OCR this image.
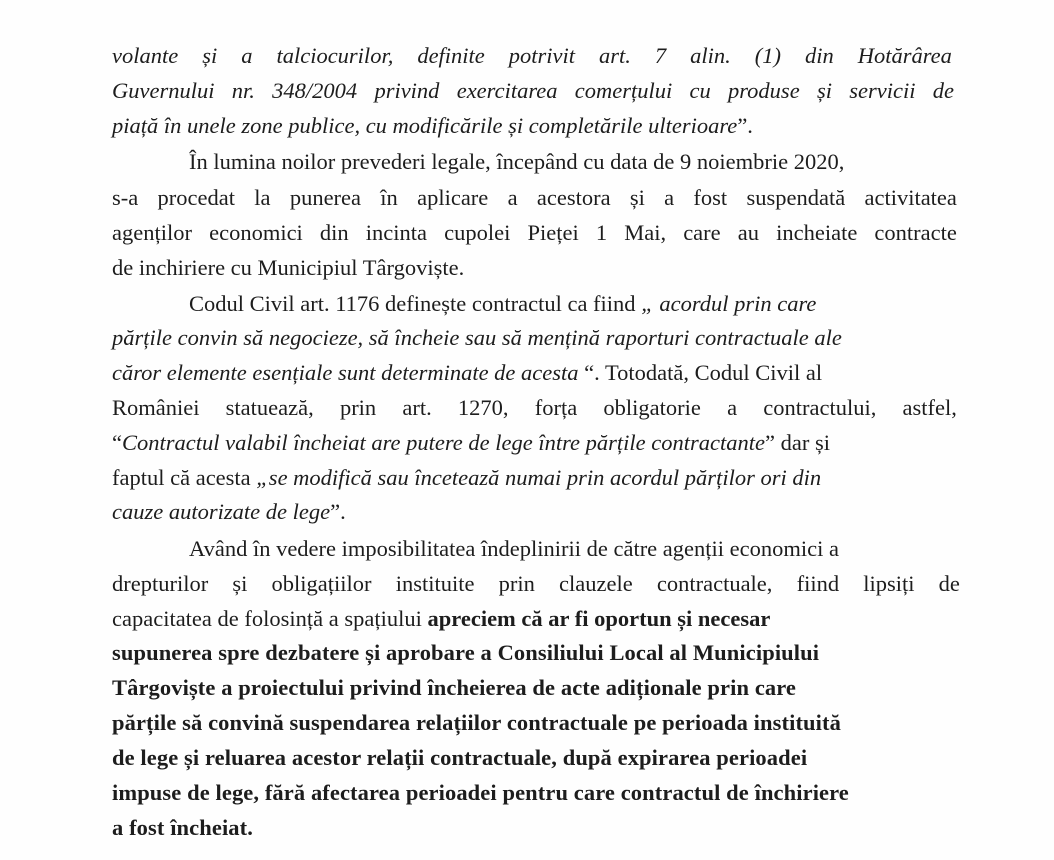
volante și a talciocurilor, definite potrivit art. 7 alin. (1) din Hotărârea
Guvernului nr. 348/2004 privind exercitarea comerțului cu produse și servicii de
piață în unele zone publice, cu modificările și completările ulterioare”.
În lumina noilor prevederi legale, începând cu data de 9 noiembrie 2020,
s-a procedat la punerea în aplicare a acestora și a fost suspendată activitatea
agenților economici din incinta cupolei Pieței 1 Mai, care au incheiate contracte
de inchiriere cu Municipiul Târgoviște.
Codul Civil art. 1176 definește contractul ca fiind „ acordul prin care
părțile convin să negocieze, să încheie sau să mențină raporturi contractuale ale
căror elemente esențiale sunt determinate de acesta “. Totodată, Codul Civil al
României statuează, prin art. 1270, forța obligatorie a contractului, astfel,
“Contractul valabil încheiat are putere de lege între părțile contractante” dar și
faptul că acesta „se modifică sau încetează numai prin acordul părților ori din
cauze autorizate de lege”.
Având în vedere imposibilitatea îndeplinirii de către agenții economici a
drepturilor și obligațiilor instituite prin clauzele contractuale, fiind lipsiți de
capacitatea de folosință a spațiului apreciem că ar fi oportun și necesar
supunerea spre dezbatere și aprobare a Consiliului Local al Municipiului
Târgoviște a proiectului privind încheierea de acte adiționale prin care
părțile să convină suspendarea relațiilor contractuale pe perioada instituită
de lege și reluarea acestor relații contractuale, după expirarea perioadei
impuse de lege, fără afectarea perioadei pentru care contractul de închiriere
a fost încheiat.
